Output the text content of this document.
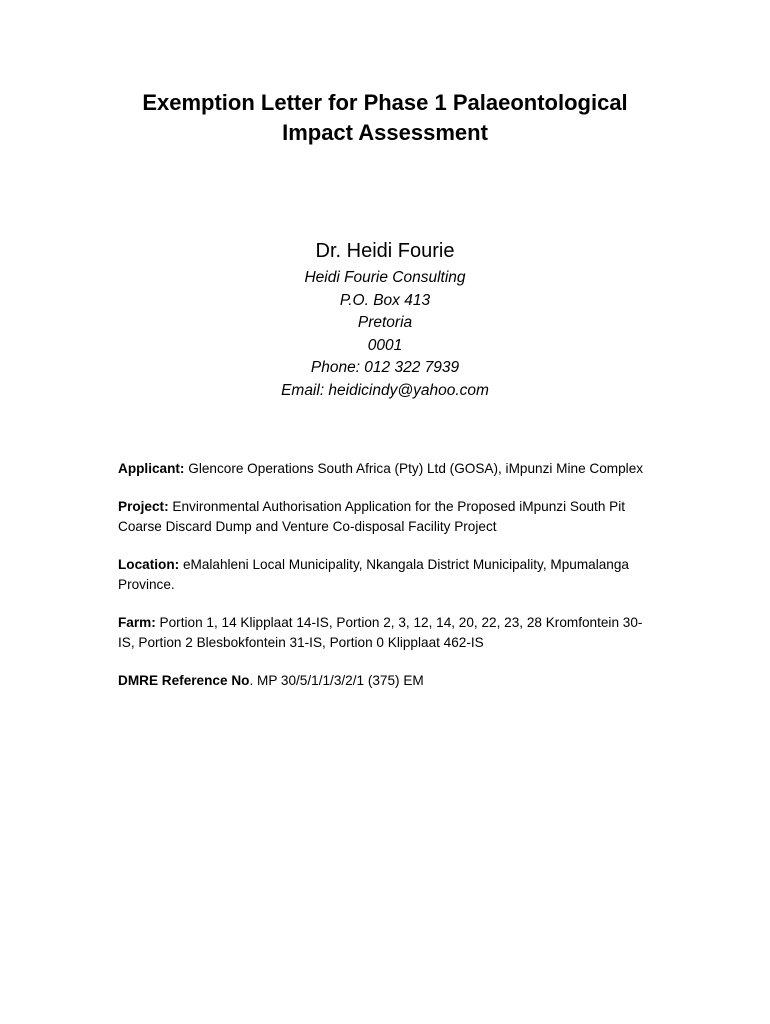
Exemption Letter for Phase 1 Palaeontological
Impact Assessment
Dr. Heidi Fourie
Heidi Fourie Consulting
P.O. Box 413
Pretoria
0001
Phone: 012 322 7939
Email: heidicindy@yahoo.com

Applicant: Glencore Operations South Africa (Pty) Ltd (GOSA), iMpunzi Mine Complex

Project: Environmental Authorisation Application for the Proposed iMpunzi South Pit Coarse Discard Dump and Venture Co-disposal Facility Project

Location: eMalahleni Local Municipality, Nkangala District Municipality, Mpumalanga Province.

Farm: Portion 1, 14 Klipplaat 14-IS, Portion 2, 3, 12, 14, 20, 22, 23, 28 Kromfontein 30-IS, Portion 2 Blesbokfontein 31-IS, Portion 0 Klipplaat 462-IS

DMRE Reference No. MP 30/5/1/1/3/2/1 (375) EM
